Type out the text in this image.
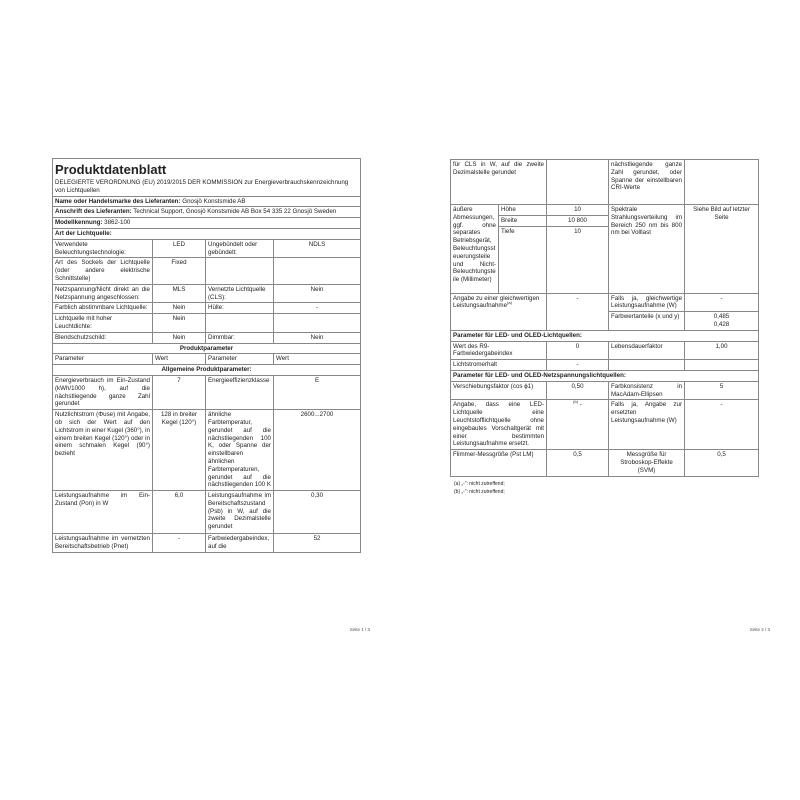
Produktdatenblatt			
DELEGIERTE VERORDNUNG (EU) 2019/2015 DER KOMMISSION zur Energieverbrauchskennzeichnung von Lichtquellen			
Name oder Handelsmarke des Lieferanten: Gnosjö Konstsmide AB			
Anschrift des Lieferanten: Technical Support, Gnosjö Konstsmide AB Box 54 335 22 Gnosjö Sweden			
Modellkennung: 3862-100			
Art der Lichtquelle:			
Verwendete Beleuchtungstechnologie:	LED	Ungebündelt oder gebündelt:	NDLS
Art des Sockels der Lichtquelle (oder andere elektrische Schnittstelle)	Fixed		
Netzspannung/Nicht direkt an die Netzspannung angeschlossen:	MLS	Vernetzte Lichtquelle (CLS):	Nein
Farblich abstimmbare Lichtquelle:	Nein	Hülle:	-
Lichtquelle mit hoher Leuchtdichte:	Nein		
Blendschutzschild:	Nein	Dimmbar:	Nein
Produktparameter			
Parameter	Wert	Parameter	Wert
Allgemeine Produktparameter:			
Energieverbrauch im Ein-Zustand (kWh/1000 h), auf die nächstliegende ganze Zahl gerundet	7	Energieeffizienzklasse	E
Nutzlichtstrom (Φuse) mit Angabe, ob sich der Wert auf den Lichtstrom in einer Kugel (360°), in einem breiten Kegel (120°) oder in einem schmalen Kegel (90°) bezieht	128 in breiter Kegel (120°)	ähnliche Farbtemperatur, gerundet auf die nächstliegenden 100 K, oder Spanne der einstellbaren ähnlichen Farbtemperaturen, gerundet auf die nächstliegenden 100 K	2600...2700
Leistungsaufnahme im Ein-Zustand (Pon) in W	6,0	Leistungsaufnahme im Bereitschaftszustand (Psb) in W, auf die zweite Dezimalstelle gerundet	0,30
Leistungsaufnahme im vernetzten Bereitschaftsbetrieb (Pnet)	-	Farbwiedergabeindex, auf die	52
Seite 1 / 3
für CLS in W, auf die zweite Dezimalstelle gerundet			nächstliegende ganze Zahl gerundet, oder Spanne der einstellbaren CRI-Werte	
äußere Abmessungen, ggf. ohne separates Betriebsgerät, Beleuchtungssteuerungsteile und Nicht-Beleuchtungsteile (Millimeter)	Höhe	10	Spektrale Strahlungsverteilung im Bereich 250 nm bis 800 nm bei Volllast	Siehe Bild auf letzter Seite
	Breite	10 800		
	Tiefe	10		
Angabe zu einer gleichwertigen Leistungsaufnahme$^{(a)}$		-	Falls ja, gleichwertige Leistungsaufnahme (W)	-
			Farbwertanteile (x und y)	0,485
0,428

Parameter für LED- und OLED-Lichtquellen:				
Wert des R9-Farbwiedergabeindex		0	Lebensdauerfaktor	1,00
Lichtstromerhalt		-		
Parameter für LED- und OLED-Netzspannungslichtquellen:				
Verschiebungsfaktor (cos ϕ1)		0,50	Farbkonsistenz in MacAdam-Ellipsen	5
Angabe, dass eine LED-Lichtquelle eine Leuchtstofflichtquelle ohne eingebautes Vorschaltgerät mit einer bestimmten Leistungsaufnahme ersetzt.		$^{(b)}$ -	Falls ja, Angabe zur ersetzten Leistungsaufnahme (W)	-
Flimmer-Messgröße (Pst LM)		0,5	Messgröße für Stroboskop-Effekte (SVM)	0,5
(a) „-“: nicht zutreffend;
(b) „-“: nicht zutreffend;
Seite 2 / 3
